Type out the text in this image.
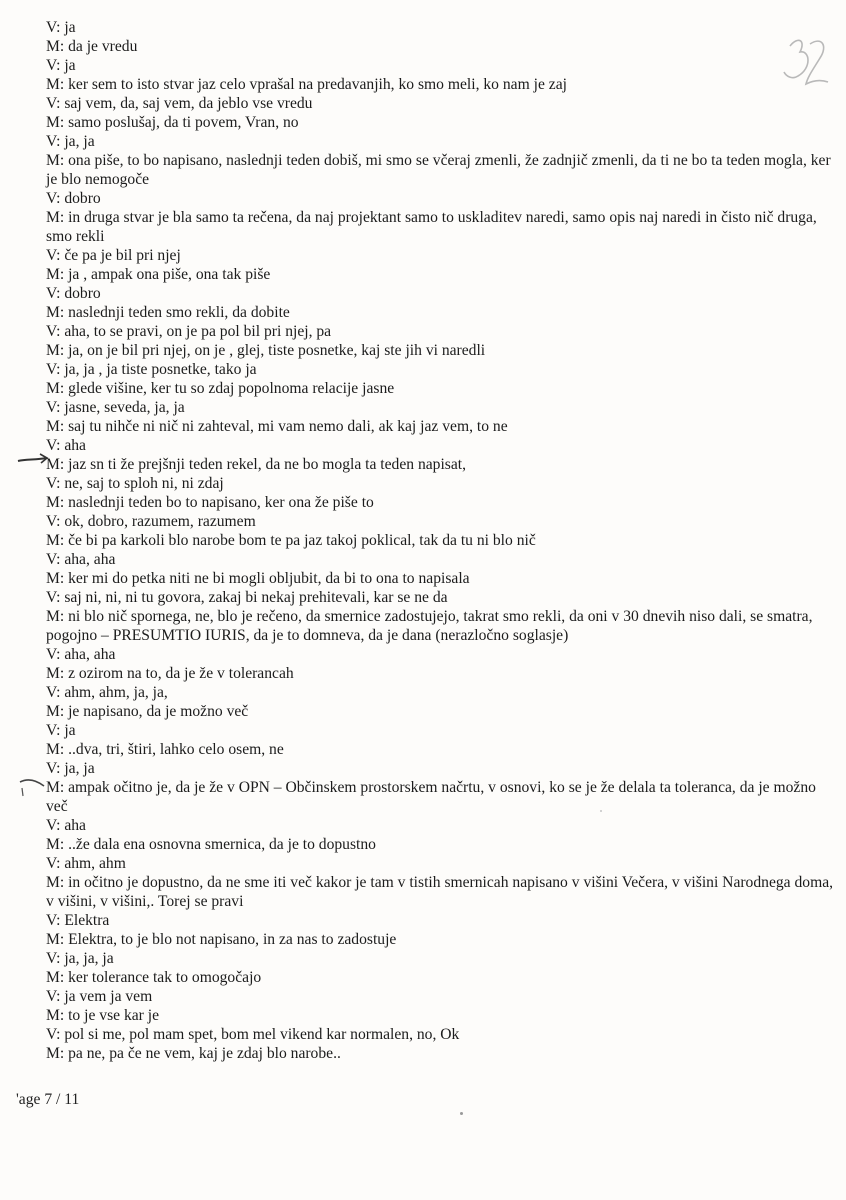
V: ja
M: da je vredu
V: ja
M: ker sem to isto stvar jaz celo vprašal na predavanjih, ko smo meli, ko nam je zaj
V: saj vem, da, saj vem, da jeblo vse vredu
M: samo poslušaj, da ti povem, Vran, no
V: ja, ja
M: ona piše, to bo napisano, naslednji teden dobiš, mi smo se včeraj zmenli, že zadnjič zmenli, da ti ne bo ta teden mogla, ker je blo nemogoče
V: dobro
M: in druga stvar je bla samo ta rečena, da naj projektant samo to uskladitev naredi, samo opis naj naredi in čisto nič druga, smo rekli
V: če pa je bil pri njej
M: ja , ampak ona piše, ona tak piše
V: dobro
M: naslednji teden smo rekli, da dobite
V: aha, to se pravi, on je pa pol bil pri njej, pa
M: ja, on je bil pri njej, on je , glej, tiste posnetke, kaj ste jih vi naredli
V: ja, ja , ja tiste posnetke, tako ja
M: glede višine, ker tu so zdaj popolnoma relacije jasne
V: jasne, seveda, ja, ja
M: saj tu nihče ni nič ni zahteval, mi vam nemo dali, ak kaj jaz vem, to ne
V: aha
M: jaz sn ti že prejšnji teden rekel, da ne bo mogla ta teden napisat,
V: ne, saj to sploh ni, ni zdaj
M: naslednji teden bo to napisano, ker ona že piše to
V: ok, dobro, razumem, razumem
M: če bi pa karkoli blo narobe bom te pa jaz takoj poklical, tak da tu ni blo nič
V: aha, aha
M: ker mi do petka niti ne bi mogli obljubit, da bi to ona to napisala
V: saj ni, ni, ni tu govora, zakaj bi nekaj prehitevali, kar se ne da
M: ni blo nič spornega, ne, blo je rečeno, da smernice zadostujejo, takrat smo rekli, da oni v 30 dnevih niso dali, se smatra, pogojno – PRESUMTIO IURIS, da je to domneva, da je dana (nerazločno soglasje)
V: aha, aha
M: z ozirom na to, da je že v tolerancah
V: ahm, ahm, ja, ja,
M: je napisano, da je možno več
V: ja
M: ..dva, tri, štiri, lahko celo osem, ne
V: ja, ja
M: ampak očitno je, da je že v OPN – Občinskem prostorskem načrtu, v osnovi, ko se je že delala ta toleranca, da je možno več
V: aha
M: ..že dala ena osnovna smernica, da je to dopustno
V: ahm, ahm
M: in očitno je dopustno, da ne sme iti več kakor je tam v tistih smernicah napisano v višini Večera, v višini Narodnega doma, v višini, v višini,. Torej se pravi
V: Elektra
M: Elektra, to je blo not napisano, in za nas to zadostuje
V: ja, ja, ja
M: ker tolerance tak to omogočajo
V: ja vem ja vem
M: to je vse kar je
V: pol si me, pol mam spet, bom mel vikend kar normalen, no, Ok
M: pa ne, pa če ne vem, kaj je zdaj blo narobe..
'age 7 / 11
